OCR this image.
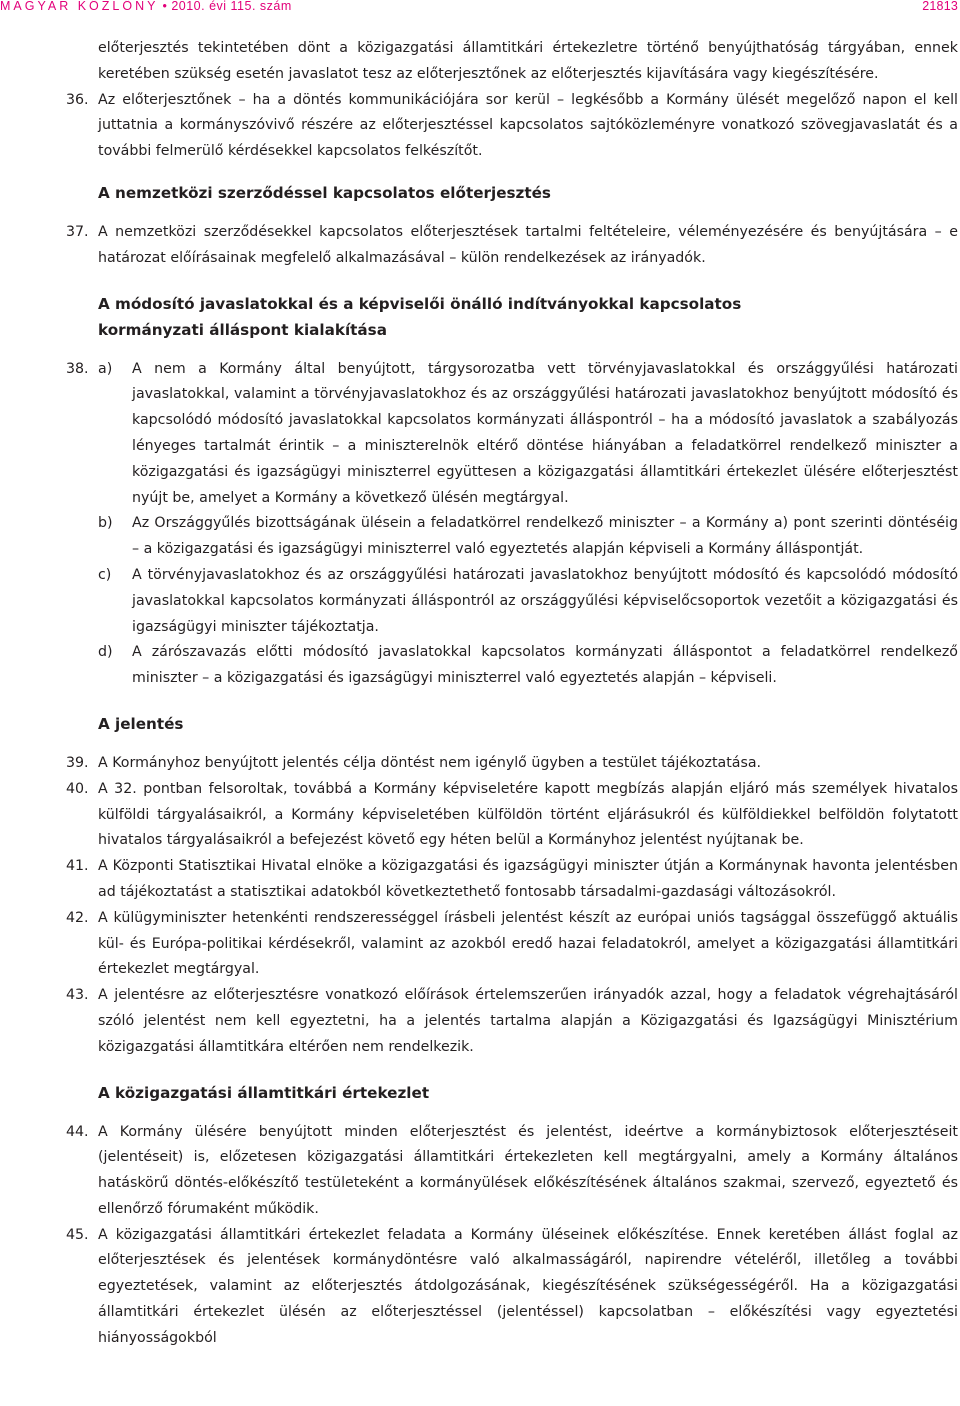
MAGYAR KÖZLÖNY • 2010. évi 115. szám	21813

előterjesztés tekintetében dönt a közigazgatási államtitkári értekezletre történő benyújthatóság tárgyában, ennek keretében szükség esetén javaslatot tesz az előterjesztőnek az előterjesztés kijavítására vagy kiegészítésére.

36. Az előterjesztőnek – ha a döntés kommunikációjára sor kerül – legkésőbb a Kormány ülését megelőző napon el kell juttatnia a kormányszóvivő részére az előterjesztéssel kapcsolatos sajtóközleményre vonatkozó szövegjavaslatát és a további felmerülő kérdésekkel kapcsolatos felkészítőt.
A nemzetközi szerződéssel kapcsolatos előterjesztés
37. A nemzetközi szerződésekkel kapcsolatos előterjesztések tartalmi feltételeire, véleményezésére és benyújtására – e határozat előírásainak megfelelő alkalmazásával – külön rendelkezések az irányadók.
A módosító javaslatokkal és a képviselői önálló indítványokkal kapcsolatos kormányzati álláspont kialakítása
38. a) A nem a Kormány által benyújtott, tárgysorozatba vett törvényjavaslatokkal és országgyűlési határozati javaslatokkal, valamint a törvényjavaslatokhoz és az országgyűlési határozati javaslatokhoz benyújtott módosító és kapcsolódó módosító javaslatokkal kapcsolatos kormányzati álláspontról – ha a módosító javaslatok a szabályozás lényeges tartalmát érintik – a miniszterelnök eltérő döntése hiányában a feladatkörrel rendelkező miniszter a közigazgatási és igazságügyi miniszterrel együttesen a közigazgatási államtitkári értekezlet ülésére előterjesztést nyújt be, amelyet a Kormány a következő ülésén megtárgyal.
b) Az Országgyűlés bizottságának ülésein a feladatkörrel rendelkező miniszter – a Kormány a) pont szerinti döntéséig – a közigazgatási és igazságügyi miniszterrel való egyeztetés alapján képviseli a Kormány álláspontját.
c) A törvényjavaslatokhoz és az országgyűlési határozati javaslatokhoz benyújtott módosító és kapcsolódó módosító javaslatokkal kapcsolatos kormányzati álláspontról az országgyűlési képviselőcsoportok vezetőit a közigazgatási és igazságügyi miniszter tájékoztatja.
d) A zárószavazás előtti módosító javaslatokkal kapcsolatos kormányzati álláspontot a feladatkörrel rendelkező miniszter – a közigazgatási és igazságügyi miniszterrel való egyeztetés alapján – képviseli.
A jelentés
39. A Kormányhoz benyújtott jelentés célja döntést nem igénylő ügyben a testület tájékoztatása.
40. A 32. pontban felsoroltak, továbbá a Kormány képviseletére kapott megbízás alapján eljáró más személyek hivatalos külföldi tárgyalásaikról, a Kormány képviseletében külföldön történt eljárásukról és külföldiekkel belföldön folytatott hivatalos tárgyalásaikról a befejezést követő egy héten belül a Kormányhoz jelentést nyújtanak be.
41. A Központi Statisztikai Hivatal elnöke a közigazgatási és igazságügyi miniszter útján a Kormánynak havonta jelentésben ad tájékoztatást a statisztikai adatokból következtethető fontosabb társadalmi-gazdasági változásokról.
42. A külügyminiszter hetenkénti rendszerességgel írásbeli jelentést készít az európai uniós tagsággal összefüggő aktuális kül- és Európa-politikai kérdésekről, valamint az azokból eredő hazai feladatokról, amelyet a közigazgatási államtitkári értekezlet megtárgyal.
43. A jelentésre az előterjesztésre vonatkozó előírások értelemszerűen irányadók azzal, hogy a feladatok végrehajtásáról szóló jelentést nem kell egyeztetni, ha a jelentés tartalma alapján a Közigazgatási és Igazságügyi Minisztérium közigazgatási államtitkára eltérően nem rendelkezik.
A közigazgatási államtitkári értekezlet
44. A Kormány ülésére benyújtott minden előterjesztést és jelentést, ideértve a kormánybiztosok előterjesztéseit (jelentéseit) is, előzetesen közigazgatási államtitkári értekezleten kell megtárgyalni, amely a Kormány általános hatáskörű döntés-előkészítő testületeként a kormányülések előkészítésének általános szakmai, szervező, egyeztető és ellenőrző fórumaként működik.
45. A közigazgatási államtitkári értekezlet feladata a Kormány üléseinek előkészítése. Ennek keretében állást foglal az előterjesztések és jelentések kormánydöntésre való alkalmasságáról, napirendre vételéről, illetőleg a további egyeztetések, valamint az előterjesztés átdolgozásának, kiegészítésének szükségességéről. Ha a közigazgatási államtitkári értekezlet ülésén az előterjesztéssel (jelentéssel) kapcsolatban – előkészítési vagy egyeztetési hiányosságokból
